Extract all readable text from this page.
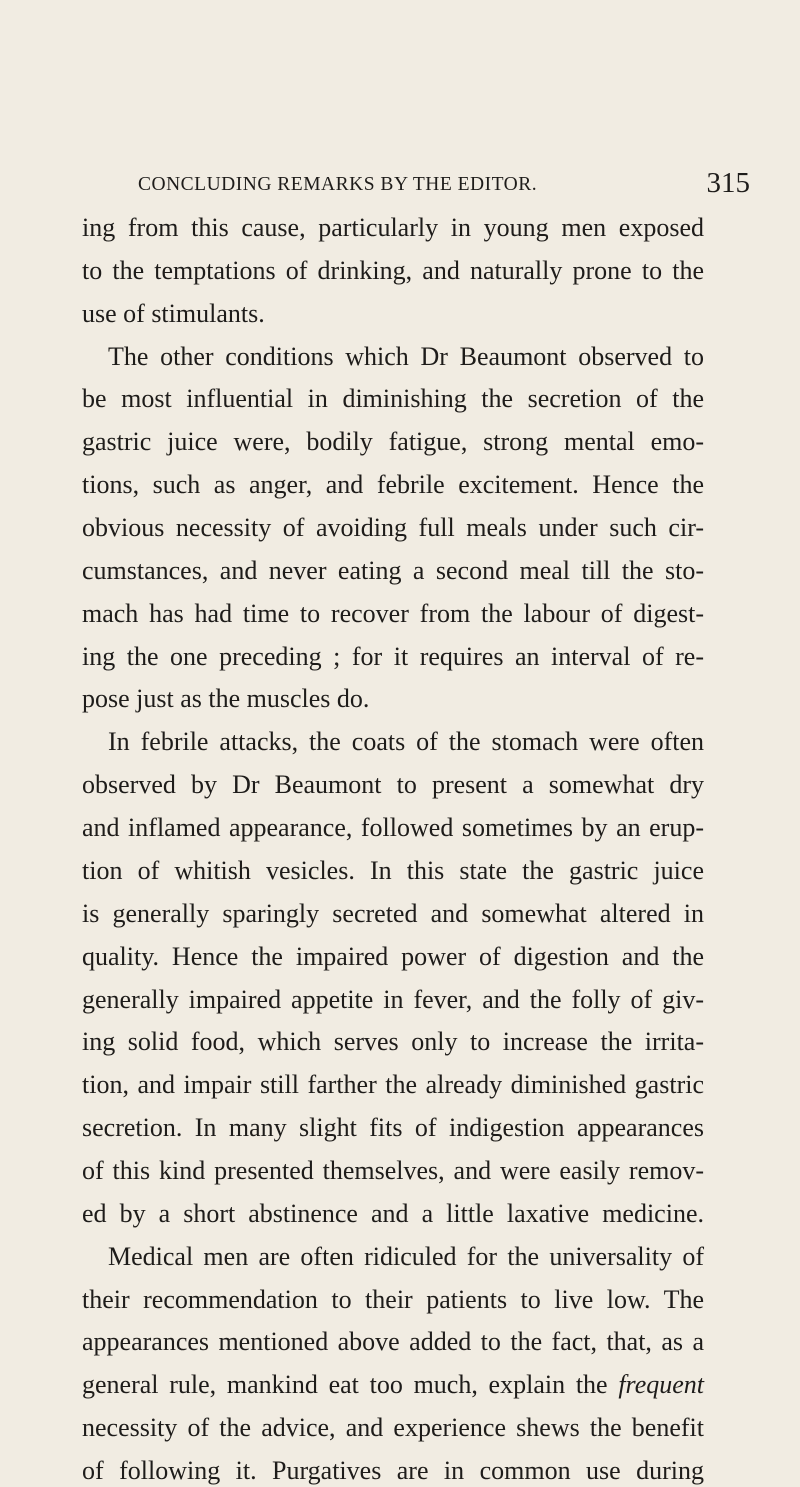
CONCLUDING REMARKS BY THE EDITOR.	315
ing from this cause, particularly in young men exposed
to the temptations of drinking, and naturally prone to the
use of stimulants.
The other conditions which Dr Beaumont observed to
be most influential in diminishing the secretion of the
gastric juice were, bodily fatigue, strong mental emo-
tions, such as anger, and febrile excitement. Hence the
obvious necessity of avoiding full meals under such cir-
cumstances, and never eating a second meal till the sto-
mach has had time to recover from the labour of digest-
ing the one preceding ; for it requires an interval of re-
pose just as the muscles do.
In febrile attacks, the coats of the stomach were often
observed by Dr Beaumont to present a somewhat dry
and inflamed appearance, followed sometimes by an erup-
tion of whitish vesicles. In this state the gastric juice
is generally sparingly secreted and somewhat altered in
quality. Hence the impaired power of digestion and the
generally impaired appetite in fever, and the folly of giv-
ing solid food, which serves only to increase the irrita-
tion, and impair still farther the already diminished gastric
secretion. In many slight fits of indigestion appearances
of this kind presented themselves, and were easily remov-
ed by a short abstinence and a little laxative medicine.
Medical men are often ridiculed for the universality of
their recommendation to their patients to live low. The
appearances mentioned above added to the fact, that, as a
general rule, mankind eat too much, explain the frequent
necessity of the advice, and experience shews the benefit
of following it. Purgatives are in common use during
